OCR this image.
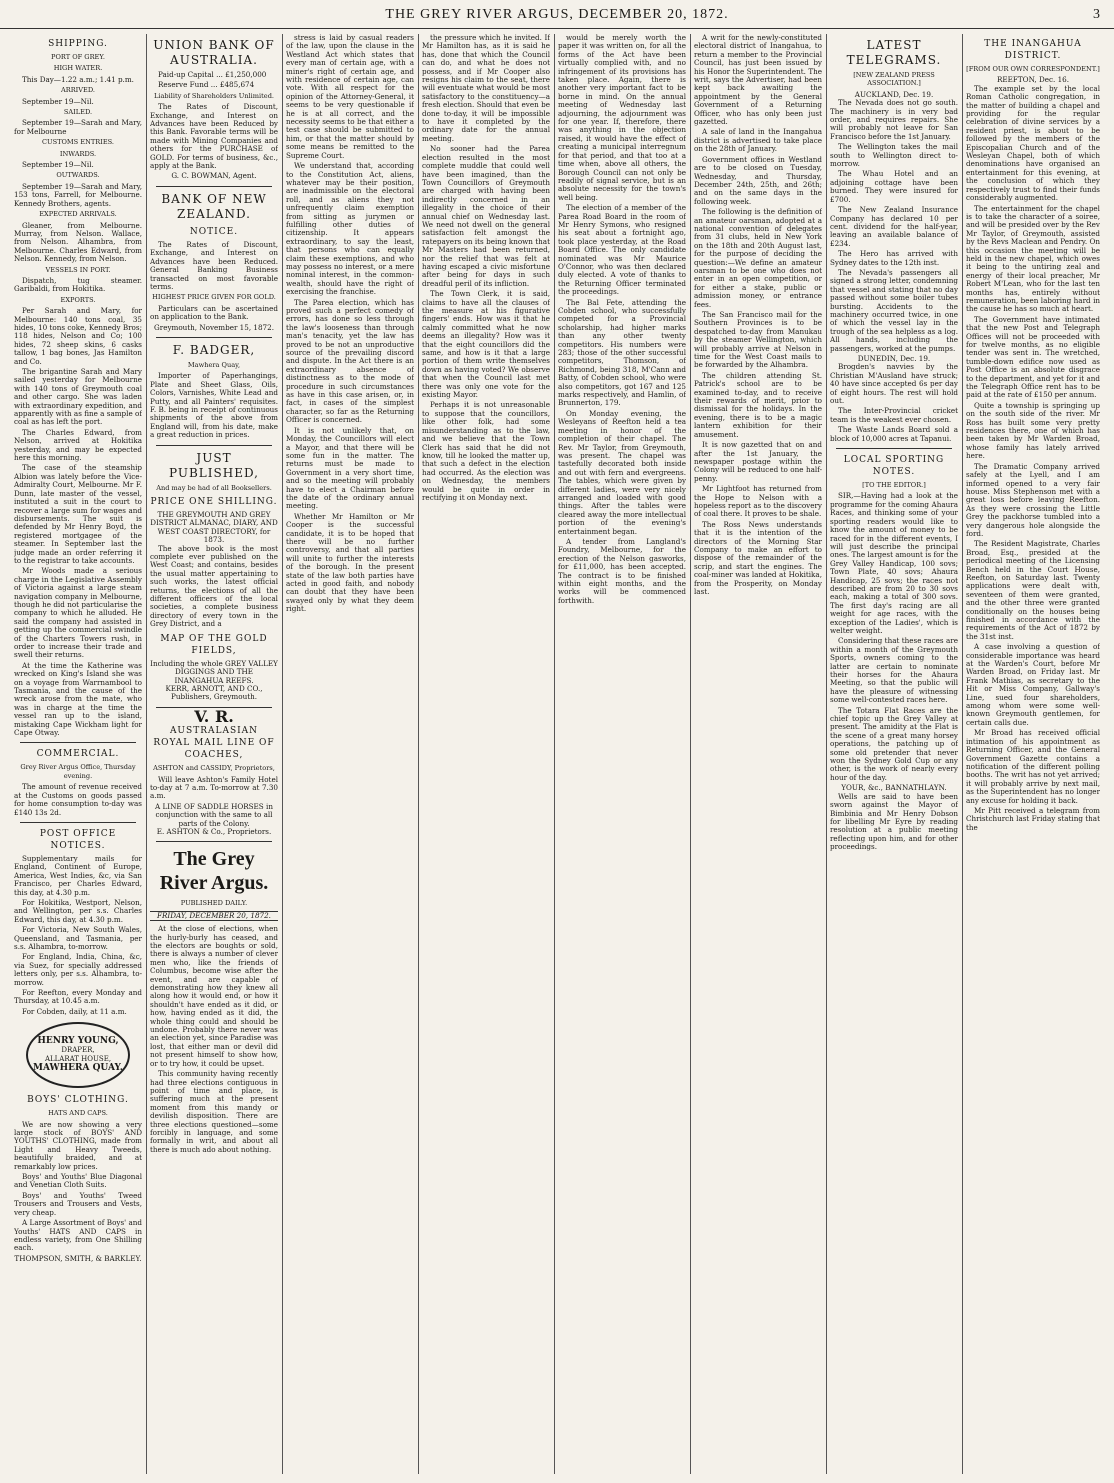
THE GREY RIVER ARGUS, DECEMBER 20, 1872.	3
SHIPPING.
PORT OF GREY.
HIGH WATER.

This Day—1.22 a.m.; 1.41 p.m.

ARRIVED.

September 19—Nil.

SAILED.

September 19—Sarah and Mary, for Melbourne

CUSTOMS ENTRIES.
INWARDS.

September 19—Nil.

OUTWARDS.

September 19—Sarah and Mary, 153 tons, Farrell, for Melbourne. Kennedy Brothers, agents.

EXPECTED ARRIVALS.

Gleaner, from Melbourne. Murray, from Nelson. Wallace, from Nelson. Alhambra, from Melbourne. Charles Edward, from Nelson. Kennedy, from Nelson.

VESSELS IN PORT.

Dispatch, tug steamer. Garibaldi, from Hokitika.

EXPORTS.

Per Sarah and Mary, for Melbourne: 140 tons coal, 35 hides, 10 tons coke, Kennedy Bros; 118 hides, Nelson and Co; 100 hides, 72 sheep skins, 6 casks tallow, 1 bag bones, Jas Hamilton and Co.

The brigantine Sarah and Mary sailed yesterday for Melbourne with 140 tons of Greymouth coal and other cargo. She was laden with extraordinary expedition, and apparently with as fine a sample of coal as has left the port.

The Charles Edward, from Nelson, arrived at Hokitika yesterday, and may be expected here this morning.

The case of the steamship Albion was lately before the Vice-Admiralty Court, Melbourne. Mr F. Dunn, late master of the vessel, instituted a suit in the court to recover a large sum for wages and disbursements. The suit is defended by Mr Henry Boyd, the registered mortgagee of the steamer. In September last the judge made an order referring it to the registrar to take accounts.

Mr Woods made a serious charge in the Legislative Assembly of Victoria against a large steam navigation company in Melbourne, though he did not particularise the company to which he alluded. He said the company had assisted in getting up the commercial swindle of the Charters Towers rush, in order to increase their trade and swell their returns.

At the time the Katherine was wrecked on King's Island she was on a voyage from Warrnambool to Tasmania, and the cause of the wreck arose from the mate, who was in charge at the time the vessel ran up to the island, mistaking Cape Wickham light for Cape Otway.

COMMERCIAL.
Grey River Argus Office, Thursday evening.

The amount of revenue received at the Customs on goods passed for home consumption to-day was £140 13s 2d.

POST OFFICE NOTICES.

Supplementary mails for England, Continent of Europe, America, West Indies, &c, via San Francisco, per Charles Edward, this day, at 4.30 p.m.

For Hokitika, Westport, Nelson, and Wellington, per s.s. Charles Edward, this day, at 4.30 p.m.

For Victoria, New South Wales, Queensland, and Tasmania, per s.s. Alhambra, to-morrow.

For England, India, China, &c, via Suez, for specially addressed letters only, per s.s. Alhambra, to-morrow.

For Reefton, every Monday and Thursday, at 10.45 a.m.

For Cobden, daily, at 11 a.m.

HENRY YOUNG,
DRAPER,
ALLARAT HOUSE,
MAWHERA QUAY.
BOYS' CLOTHING.
HATS AND CAPS.

We are now showing a very large stock of BOYS' AND YOUTHS' CLOTHING, made from Light and Heavy Tweeds, beautifully braided, and at remarkably low prices.

Boys' and Youths' Blue Diagonal and Venetian Cloth Suits.

Boys' and Youths' Tweed Trousers and Trousers and Vests, very cheap.

A Large Assortment of Boys' and Youths' HATS AND CAPS in endless variety, from One Shilling each.

THOMPSON, SMITH, & BARKLEY.
UNION BANK OF AUSTRALIA.

Paid-up Capital ... £1,250,000

Reserve Fund ... £485,674

Liability of Shareholders Unlimited.

The Rates of Discount, Exchange, and Interest on Advances have been Reduced by this Bank. Favorable terms will be made with Mining Companies and others for the PURCHASE of GOLD. For terms of business, &c., apply at the Bank.

G. C. BOWMAN, Agent.
BANK OF NEW ZEALAND.
NOTICE.

The Rates of Discount, Exchange, and Interest on Advances have been Reduced. General Banking Business transacted on most favorable terms.

HIGHEST PRICE GIVEN FOR GOLD.

Particulars can be ascertained on application to the Bank.

Greymouth, November 15, 1872.
F. BADGER,
Mawhera Quay,

Importer of Paperhangings, Plate and Sheet Glass, Oils, Colors, Varnishes, White Lead and Putty, and all Painters' requisites. F. B. being in receipt of continuous shipments of the above from England will, from his date, make a great reduction in prices.

JUST PUBLISHED,
And may be had of all Booksellers.
PRICE ONE SHILLING.
THE GREYMOUTH AND GREY DISTRICT ALMANAC, DIARY, AND WEST COAST DIRECTORY, for 1873.

The above book is the most complete ever published on the West Coast; and contains, besides the usual matter appertaining to such works, the latest official returns, the elections of all the different officers of the local societies, a complete business directory of every town in the Grey District, and a

MAP OF THE GOLD FIELDS,
Including the whole GREY VALLEY DIGGINGS AND THE INANGAHUA REEFS.
KERR, ARNOTT, AND CO., Publishers, Greymouth.
V. R.
AUSTRALASIAN ROYAL MAIL LINE OF COACHES,
ASHTON and CASSIDY, Proprietors,

Will leave Ashton's Family Hotel to-day at 7 a.m. To-morrow at 7.30 a.m.

A LINE OF SADDLE HORSES in conjunction with the same to all parts of the Colony.
E. ASHTON & Co., Proprietors.
The Grey River Argus.
PUBLISHED DAILY.
FRIDAY, DECEMBER 20, 1872.

At the close of elections, when the hurly-burly has ceased, and the electors are boughts or sold, there is always a number of clever men who, like the friends of Columbus, become wise after the event, and are capable of demonstrating how they knew all along how it would end, or how it shouldn't have ended as it did, or how, having ended as it did, the whole thing could and should be undone. Probably there never was an election yet, since Paradise was lost, that either man or devil did not present himself to show how, or to try how, it could be upset.

This community having recently had three elections contiguous in point of time and place, is suffering much at the present moment from this mandy or devilish disposition. There are three elections questioned—some forcibly in language, and some formally in writ, and about all there is much ado about nothing.

stress is laid by casual readers of the law, upon the clause in the Westland Act which states that every man of certain age, with a miner's right of certain age, and with residence of certain age, can vote. With all respect for the opinion of the Attorney-General, it seems to be very questionable if he is at all correct, and the necessity seems to be that either a test case should be submitted to him, or that the matter should by some means be remitted to the Supreme Court.

We understand that, according to the Constitution Act, aliens, whatever may be their position, are inadmissible on the electoral roll, and as aliens they not unfrequently claim exemption from sitting as jurymen or fulfilling other duties of citizenship. It appears extraordinary, to say the least, that persons who can equally claim these exemptions, and who may possess no interest, or a mere nominal interest, in the common-wealth, should have the right of exercising the franchise.

The Parea election, which has proved such a perfect comedy of errors, has done so less through the law's looseness than through man's tenacity, yet the law has proved to be not an unproductive source of the prevailing discord and dispute. In the Act there is an extraordinary absence of distinctness as to the mode of procedure in such circumstances as have in this case arisen, or, in fact, in cases of the simplest character, so far as the Returning Officer is concerned.

It is not unlikely that, on Monday, the Councillors will elect a Mayor, and that there will be some fun in the matter. The returns must be made to Government in a very short time, and so the meeting will probably have to elect a Chairman before the date of the ordinary annual meeting.

Whether Mr Hamilton or Mr Cooper is the successful candidate, it is to be hoped that there will be no further controversy, and that all parties will unite to further the interests of the borough. In the present state of the law both parties have acted in good faith, and nobody can doubt that they have been swayed only by what they deem right.

the pressure which he invited. If Mr Hamilton has, as it is said he has, done that which the Council can do, and what he does not possess, and if Mr Cooper also resigns his claim to the seat, there will eventuate what would be most satisfactory to the constituency—a fresh election. Should that even be done to-day, it will be impossible to have it completed by the ordinary date for the annual meeting.

No sooner had the Parea election resulted in the most complete muddle that could well have been imagined, than the Town Councillors of Greymouth are charged with having been indirectly concerned in an illegality in the choice of their annual chief on Wednesday last. We need not dwell on the general satisfaction felt amongst the ratepayers on its being known that Mr Masters had been returned, nor the relief that was felt at having escaped a civic misfortune after being for days in such dreadful peril of its infliction.

The Town Clerk, it is said, claims to have all the clauses of the measure at his figurative fingers' ends. How was it that he calmly committed what he now deems an illegality? How was it that the eight councillors did the same, and how is it that a large portion of them write themselves down as having voted? We observe that when the Council last met there was only one vote for the existing Mayor.

Perhaps it is not unreasonable to suppose that the councillors, like other folk, had some misunderstanding as to the law, and we believe that the Town Clerk has said that he did not know, till he looked the matter up, that such a defect in the election had occurred. As the election was on Wednesday, the members would be quite in order in rectifying it on Monday next.

would be merely worth the paper it was written on, for all the forms of the Act have been virtually complied with, and no infringement of its provisions has taken place. Again, there is another very important fact to be borne in mind. On the annual meeting of Wednesday last adjourning, the adjournment was for one year. If, therefore, there was anything in the objection raised, it would have the effect of creating a municipal interregnum for that period, and that too at a time when, above all others, the Borough Council can not only be readily of signal service, but is an absolute necessity for the town's well being.

The election of a member of the Parea Road Board in the room of Mr Henry Symons, who resigned his seat about a fortnight ago, took place yesterday, at the Road Board Office. The only candidate nominated was Mr Maurice O'Connor, who was then declared duly elected. A vote of thanks to the Returning Officer terminated the proceedings.

The Bal Fete, attending the Cobden school, who successfully competed for a Provincial scholarship, had higher marks than any other twenty competitors. His numbers were 283; those of the other successful competitors, Thomson, of Richmond, being 318, M'Cann and Batty, of Cobden school, who were also competitors, got 167 and 125 marks respectively, and Hamlin, of Brunnerton, 179.

On Monday evening, the Wesleyans of Reefton held a tea meeting in honor of the completion of their chapel. The Rev. Mr Taylor, from Greymouth, was present. The chapel was tastefully decorated both inside and out with fern and evergreens. The tables, which were given by different ladies, were very nicely arranged and loaded with good things. After the tables were cleared away the more intellectual portion of the evening's entertainment began.

A tender from Langland's Foundry, Melbourne, for the erection of the Nelson gasworks, for £11,000, has been accepted. The contract is to be finished within eight months, and the works will be commenced forthwith.

A writ for the newly-constituted electoral district of Inangahua, to return a member to the Provincial Council, has just been issued by his Honor the Superintendent. The writ, says the Advertiser, had been kept back awaiting the appointment by the General Government of a Returning Officer, who has only been just gazetted.

A sale of land in the Inangahua district is advertised to take place on the 28th of January.

Government offices in Westland are to be closed on Tuesday, Wednesday, and Thursday, December 24th, 25th, and 26th; and on the same days in the following week.

The following is the definition of an amateur oarsman, adopted at a national convention of delegates from 31 clubs, held in New York on the 18th and 20th August last, for the purpose of deciding the question:—We define an amateur oarsman to be one who does not enter in an open competition, or for either a stake, public or admission money, or entrance fees.

The San Francisco mail for the Southern Provinces is to be despatched to-day from Manukau by the steamer Wellington, which will probably arrive at Nelson in time for the West Coast mails to be forwarded by the Alhambra.

The children attending St. Patrick's school are to be examined to-day, and to receive their rewards of merit, prior to dismissal for the holidays. In the evening, there is to be a magic lantern exhibition for their amusement.

It is now gazetted that on and after the 1st January, the newspaper postage within the Colony will be reduced to one half-penny.

Mr Lightfoot has returned from the Hope to Nelson with a hopeless report as to the discovery of coal there. It proves to be shale.

The Ross News understands that it is the intention of the directors of the Morning Star Company to make an effort to dispose of the remainder of the scrip, and start the engines. The coal-miner was landed at Hokitika, from the Prosperity, on Monday last.

LATEST TELEGRAMS.
[NEW ZEALAND PRESS ASSOCIATION.]
AUCKLAND, Dec. 19.

The Nevada does not go south. The machinery is in very bad order, and requires repairs. She will probably not leave for San Francisco before the 1st January.

The Wellington takes the mail south to Wellington direct to-morrow.

The Whau Hotel and an adjoining cottage have been burned. They were insured for £700.

The New Zealand Insurance Company has declared 10 per cent. dividend for the half-year, leaving an available balance of £234.

The Hero has arrived with Sydney dates to the 12th inst.

The Nevada's passengers all signed a strong letter, condemning that vessel and stating that no day passed without some boiler tubes bursting. Accidents to the machinery occurred twice, in one of which the vessel lay in the trough of the sea helpless as a log. All hands, including the passengers, worked at the pumps.

DUNEDIN, Dec. 19.

Brogden's navvies by the Christian M'Ausland have struck; 40 have since accepted 6s per day of eight hours. The rest will hold out.

The Inter-Provincial cricket team is the weakest ever chosen.

The Waste Lands Board sold a block of 10,000 acres at Tapanui.

LOCAL SPORTING NOTES.
[TO THE EDITOR.]

SIR,—Having had a look at the programme for the coming Ahaura Races, and thinking some of your sporting readers would like to know the amount of money to be raced for in the different events, I will just describe the principal ones. The largest amount is for the Grey Valley Handicap, 100 sovs; Town Plate, 40 sovs; Ahaura Handicap, 25 sovs; the races not described are from 20 to 30 sovs each, making a total of 300 sovs. The first day's racing are all weight for age races, with the exception of the Ladies', which is welter weight.

Considering that these races are within a month of the Greymouth Sports, owners coming to the latter are certain to nominate their horses for the Ahaura Meeting, so that the public will have the pleasure of witnessing some well-contested races here.

The Totara Flat Races are the chief topic up the Grey Valley at present. The amidity at the Flat is the scene of a great many horsey operations, the patching up of some old pretender that never won the Sydney Gold Cup or any other, is the work of nearly every hour of the day.

YOUR, &c., BANNATHLAYN.

Wells are said to have been sworn against the Mayor of Bimbinia and Mr Henry Dobson for libelling Mr Eyre by reading resolution at a public meeting reflecting upon him, and for other proceedings.

THE INANGAHUA DISTRICT.
[FROM OUR OWN CORRESPONDENT.]
REEFTON, Dec. 16.

The example set by the local Roman Catholic congregation, in the matter of building a chapel and providing for the regular celebration of divine services by a resident priest, is about to be followed by the members of the Episcopalian Church and of the Wesleyan Chapel, both of which denominations have organised an entertainment for this evening, at the conclusion of which they respectively trust to find their funds considerably augmented.

The entertainment for the chapel is to take the character of a soiree, and will be presided over by the Rev Mr Taylor, of Greymouth, assisted by the Revs Maclean and Pendry. On this occasion the meeting will be held in the new chapel, which owes it being to the untiring zeal and energy of their local preacher, Mr Robert M'Lean, who for the last ten months has, entirely without remuneration, been laboring hard in the cause he has so much at heart.

The Government have intimated that the new Post and Telegraph Offices will not be proceeded with for twelve months, as no eligible tender was sent in. The wretched, tumble-down edifice now used as Post Office is an absolute disgrace to the department, and yet for it and the Telegraph Office rent has to be paid at the rate of £150 per annum.

Quite a township is springing up on the south side of the river. Mr Ross has built some very pretty residences there, one of which has been taken by Mr Warden Broad, whose family has lately arrived here.

The Dramatic Company arrived safely at the Lyell, and I am informed opened to a very fair house. Miss Stephenson met with a great loss before leaving Reefton. As they were crossing the Little Grey the packhorse tumbled into a very dangerous hole alongside the ford.

The Resident Magistrate, Charles Broad, Esq., presided at the periodical meeting of the Licensing Bench held in the Court House, Reefton, on Saturday last. Twenty applications were dealt with, seventeen of them were granted, and the other three were granted conditionally on the houses being finished in accordance with the requirements of the Act of 1872 by the 31st inst.

A case involving a question of considerable importance was heard at the Warden's Court, before Mr Warden Broad, on Friday last. Mr Frank Mathias, as secretary to the Hit or Miss Company, Gallway's Line, sued four shareholders, among whom were some well-known Greymouth gentlemen, for certain calls due.

Mr Broad has received official intimation of his appointment as Returning Officer, and the General Government Gazette contains a notification of the different polling booths. The writ has not yet arrived; it will probably arrive by next mail, as the Superintendent has no longer any excuse for holding it back.

Mr Pitt received a telegram from Christchurch last Friday stating that the
